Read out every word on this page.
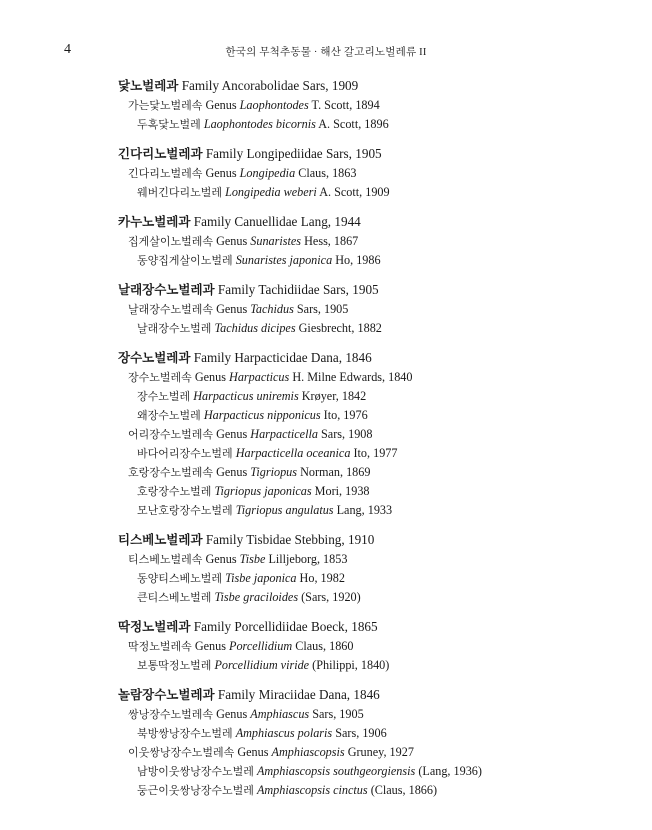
4	한국의 무척추동물 · 해산 갈고리노벌레류 II
닻노벌레과 Family Ancorabolidae Sars, 1909
가는닻노벌레속 Genus Laophontodes T. Scott, 1894
두혹닻노벌레 Laophontodes bicornis A. Scott, 1896
긴다리노벌레과 Family Longipediidae Sars, 1905
긴다리노벌레속 Genus Longipedia Claus, 1863
웨버긴다리노벌레 Longipedia weberi A. Scott, 1909
카누노벌레과 Family Canuellidae Lang, 1944
집게살이노벌레속 Genus Sunaristes Hess, 1867
동양집게살이노벌레 Sunaristes japonica Ho, 1986
날래장수노벌레과 Family Tachidiidae Sars, 1905
날래장수노벌레속 Genus Tachidus Sars, 1905
날래장수노벌레 Tachidus dicipes Giesbrecht, 1882
장수노벌레과 Family Harpacticidae Dana, 1846
장수노벌레속 Genus Harpacticus H. Milne Edwards, 1840
장수노벌레 Harpacticus uniremis Krøyer, 1842
왜장수노벌레 Harpacticus nipponicus Ito, 1976
어리장수노벌레속 Genus Harpacticella Sars, 1908
바다어리장수노벌레 Harpacticella oceanica Ito, 1977
호랑장수노벌레속 Genus Tigriopus Norman, 1869
호랑장수노벌레 Tigriopus japonicas Mori, 1938
모난호랑장수노벌레 Tigriopus angulatus Lang, 1933
티스베노벌레과 Family Tisbidae Stebbing, 1910
티스베노벌레속 Genus Tisbe Lilljeborg, 1853
동양티스베노벌레 Tisbe japonica Ho, 1982
큰티스베노벌레 Tisbe graciloides (Sars, 1920)
딱정노벌레과 Family Porcellidiidae Boeck, 1865
딱정노벌레속 Genus Porcellidium Claus, 1860
보통딱정노벌레 Porcellidium viride (Philippi, 1840)
놀람장수노벌레과 Family Miraciidae Dana, 1846
쌍낭장수노벌레속 Genus Amphiascus Sars, 1905
북방쌍낭장수노벌레 Amphiascus polaris Sars, 1906
이웃쌍낭장수노벌레속 Genus Amphiascopsis Gruney, 1927
남방이웃쌍낭장수노벌레 Amphiascopsis southgeorgiensis (Lang, 1936)
둥근이웃쌍낭장수노벌레 Amphiascopsis cinctus (Claus, 1866)
